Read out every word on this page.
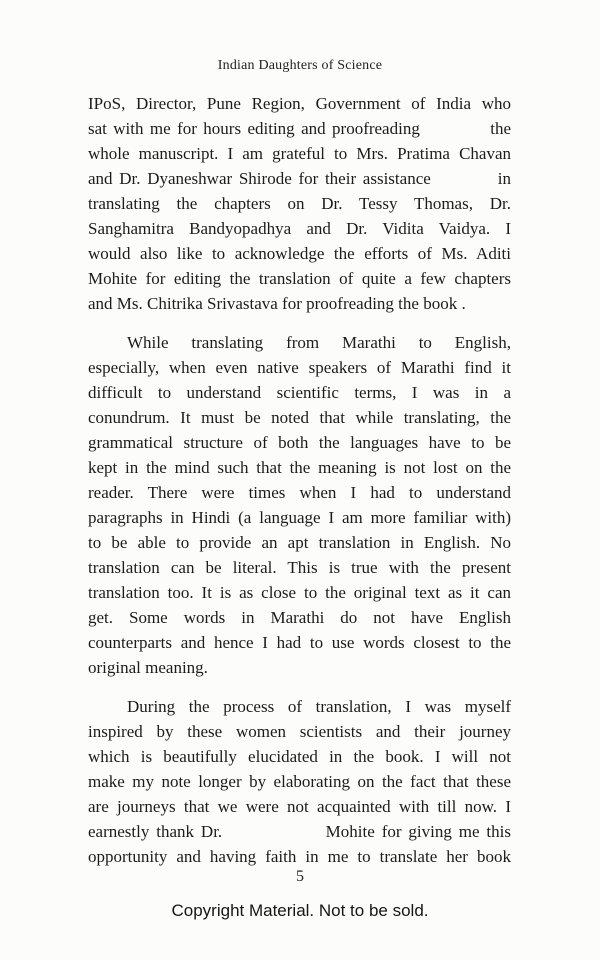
Indian Daughters of Science
IPoS, Director, Pune Region, Government of India who
sat with me for hours editing and proofreading           the
whole manuscript. I am grateful to Mrs. Pratima Chavan
and Dr. Dyaneshwar Shirode for their assistance          in
translating the chapters on Dr. Tessy Thomas, Dr.
Sanghamitra Bandyopadhya and Dr. Vidita Vaidya. I
would also like to acknowledge the efforts of Ms. Aditi
Mohite for editing the translation of quite a few chapters
and Ms. Chitrika Srivastava for proofreading the book .
While translating from Marathi to English,
especially, when even native speakers of Marathi find it
difficult to understand scientific terms, I was in a
conundrum. It must be noted that while translating, the
grammatical structure of both the languages have to be
kept in the mind such that the meaning is not lost on the
reader. There were times when I had to understand
paragraphs in Hindi (a language I am more familiar with)
to be able to provide an apt translation in English. No
translation can be literal. This is true with the present
translation too. It is as close to the original text as it can
get. Some words in Marathi do not have English
counterparts and hence I had to use words closest to the
original meaning.
During the process of translation, I was myself
inspired by these women scientists and their journey
which is beautifully elucidated in the book. I will not
make my note longer by elaborating on the fact that these
are journeys that we were not acquainted with till now. I
earnestly thank Dr.               Mohite for giving me this
opportunity and having faith in me to translate her book
5
Copyright Material. Not to be sold.
